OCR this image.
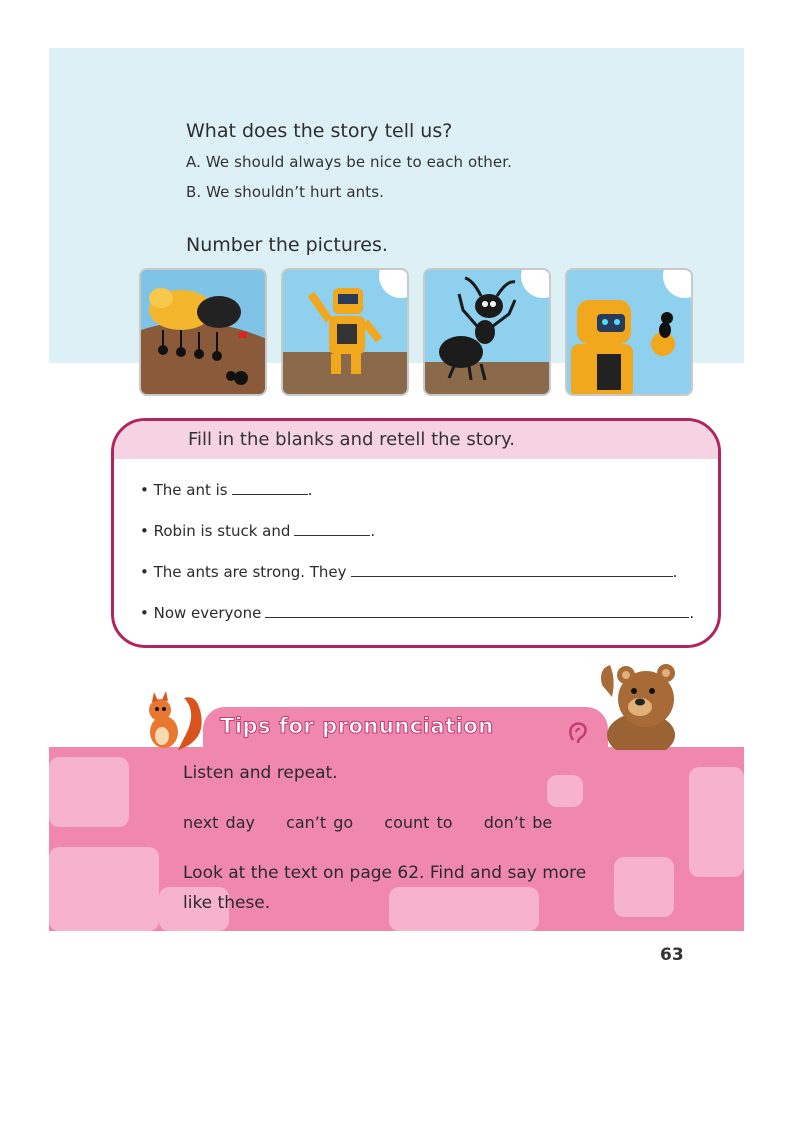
What does the story tell us?
A. We should always be nice to each other.
B. We shouldn’t hurt ants.
Number the pictures.
Fill in the blanks and retell the story.
• The ant is	.
• Robin is stuck and	.
• The ants are strong. They	.
• Now everyone	.
Tips for pronunciation
Listen and repeat.
next day can’t go count to don’t be
Look at the text on page 62. Find and say more like these.
63
